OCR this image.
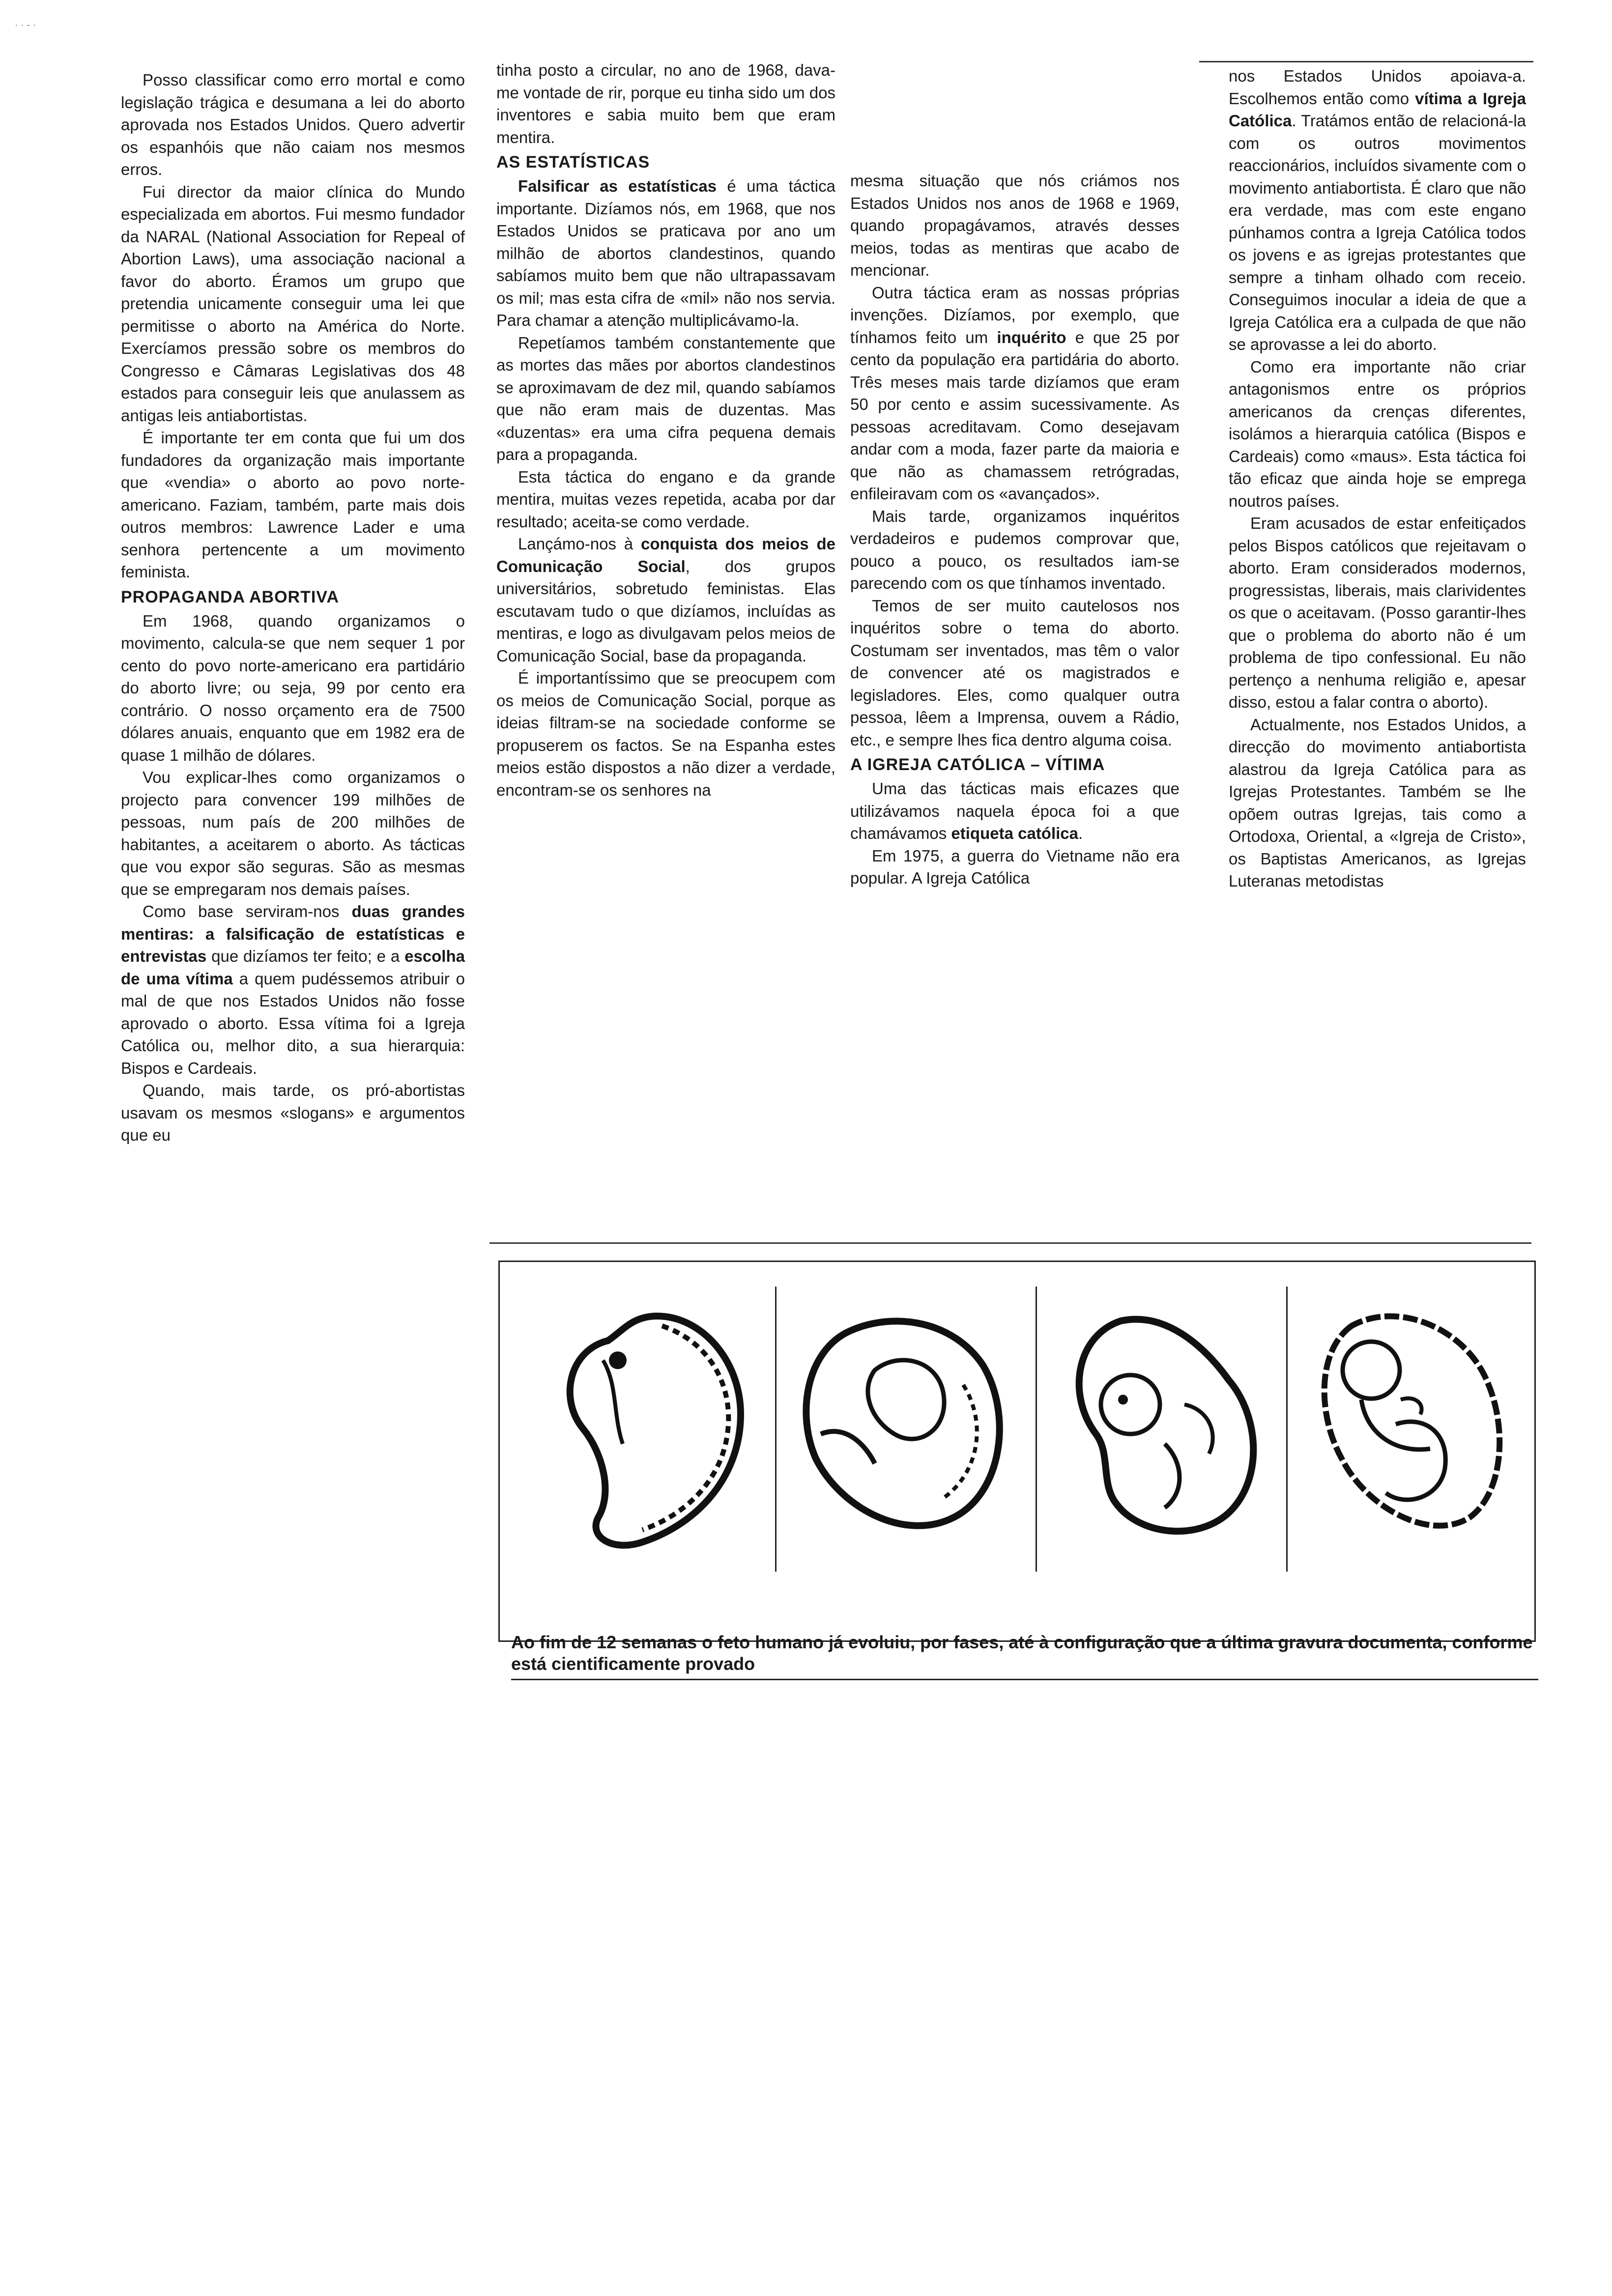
· · - ·

Posso classificar como erro mortal e como legislação trágica e desumana a lei do aborto aprovada nos Estados Unidos. Quero advertir os espanhóis que não caiam nos mesmos erros.

Fui director da maior clínica do Mundo especializada em abortos. Fui mesmo fundador da NARAL (National Association for Repeal of Abortion Laws), uma associação nacional a favor do aborto. Éramos um grupo que pretendia unicamente conseguir uma lei que permitisse o aborto na América do Norte. Exercíamos pressão sobre os membros do Congresso e Câmaras Legislativas dos 48 estados para conseguir leis que anulassem as antigas leis antiabortistas.

É importante ter em conta que fui um dos fundadores da organização mais importante que «vendia» o aborto ao povo norte-americano. Faziam, também, parte mais dois outros membros: Lawrence Lader e uma senhora pertencente a um movimento feminista.

PROPAGANDA ABORTIVA

Em 1968, quando organizamos o movimento, calcula-se que nem sequer 1 por cento do povo norte-americano era partidário do aborto livre; ou seja, 99 por cento era contrário. O nosso orçamento era de 7500 dólares anuais, enquanto que em 1982 era de quase 1 milhão de dólares.

Vou explicar-lhes como organizamos o projecto para convencer 199 milhões de pessoas, num país de 200 milhões de habitantes, a aceitarem o aborto. As tácticas que vou expor são seguras. São as mesmas que se empregaram nos demais países.

Como base serviram-nos duas grandes mentiras: a falsificação de estatísticas e entrevistas que dizíamos ter feito; e a escolha de uma vítima a quem pudéssemos atribuir o mal de que nos Estados Unidos não fosse aprovado o aborto. Essa vítima foi a Igreja Católica ou, melhor dito, a sua hierarquia: Bispos e Cardeais.

Quando, mais tarde, os pró-abortistas usavam os mesmos «slogans» e argumentos que eu

tinha posto a circular, no ano de 1968, dava-me vontade de rir, porque eu tinha sido um dos inventores e sabia muito bem que eram mentira.

AS ESTATÍSTICAS

Falsificar as estatísticas é uma táctica importante. Dizíamos nós, em 1968, que nos Estados Unidos se praticava por ano um milhão de abortos clandestinos, quando sabíamos muito bem que não ultrapassavam os mil; mas esta cifra de «mil» não nos servia. Para chamar a atenção multiplicávamo-la.

Repetíamos também constantemente que as mortes das mães por abortos clandestinos se aproximavam de dez mil, quando sabíamos que não eram mais de duzentas. Mas «duzentas» era uma cifra pequena demais para a propaganda.

Esta táctica do engano e da grande mentira, muitas vezes repetida, acaba por dar resultado; aceita-se como verdade.

Lançámo-nos à conquista dos meios de Comunicação Social, dos grupos universitários, sobretudo feministas. Elas escutavam tudo o que dizíamos, incluídas as mentiras, e logo as divulgavam pelos meios de Comunicação Social, base da propaganda.

É importantíssimo que se preocupem com os meios de Comunicação Social, porque as ideias filtram-se na sociedade conforme se propuserem os factos. Se na Espanha estes meios estão dispostos a não dizer a verdade, encontram-se os senhores na

mesma situação que nós criámos nos Estados Unidos nos anos de 1968 e 1969, quando propagávamos, através desses meios, todas as mentiras que acabo de mencionar.

Outra táctica eram as nossas próprias invenções. Dizíamos, por exemplo, que tínhamos feito um inquérito e que 25 por cento da população era partidária do aborto. Três meses mais tarde dizíamos que eram 50 por cento e assim sucessivamente. As pessoas acreditavam. Como desejavam andar com a moda, fazer parte da maioria e que não as chamassem retrógradas, enfileiravam com os «avançados».

Mais tarde, organizamos inquéritos verdadeiros e pudemos comprovar que, pouco a pouco, os resultados iam-se parecendo com os que tínhamos inventado.

Temos de ser muito cautelosos nos inquéritos sobre o tema do aborto. Costumam ser inventados, mas têm o valor de convencer até os magistrados e legisladores. Eles, como qualquer outra pessoa, lêem a Imprensa, ouvem a Rádio, etc., e sempre lhes fica dentro alguma coisa.

A IGREJA CATÓLICA – VÍTIMA

Uma das tácticas mais eficazes que utilizávamos naquela época foi a que chamávamos etiqueta católica.

Em 1975, a guerra do Vietname não era popular. A Igreja Católica

nos Estados Unidos apoiava-a. Escolhemos então como vítima a Igreja Católica. Tratámos então de relacioná-la com os outros movimentos reaccionários, incluídos sivamente com o movimento antiabortista. É claro que não era verdade, mas com este engano púnhamos contra a Igreja Católica todos os jovens e as igrejas protestantes que sempre a tinham olhado com receio. Conseguimos inocular a ideia de que a Igreja Católica era a culpada de que não se aprovasse a lei do aborto.

Como era importante não criar antagonismos entre os próprios americanos da crenças diferentes, isolámos a hierarquia católica (Bispos e Cardeais) como «maus». Esta táctica foi tão eficaz que ainda hoje se emprega noutros países.

Eram acusados de estar enfeitiçados pelos Bispos católicos que rejeitavam o aborto. Eram considerados modernos, progressistas, liberais, mais clarividentes os que o aceitavam. (Posso garantir-lhes que o problema do aborto não é um problema de tipo confessional. Eu não pertenço a nenhuma religião e, apesar disso, estou a falar contra o aborto).

Actualmente, nos Estados Unidos, a direcção do movimento antiabortista alastrou da Igreja Católica para as Igrejas Protestantes. Também se lhe opõem outras Igrejas, tais como a Ortodoxa, Oriental, a «Igreja de Cristo», os Baptistas Americanos, as Igrejas Luteranas metodistas

Ao fim de 12 semanas o feto humano já evoluiu, por fases, até à configuração que a última gravura documenta, conforme está cientificamente provado
